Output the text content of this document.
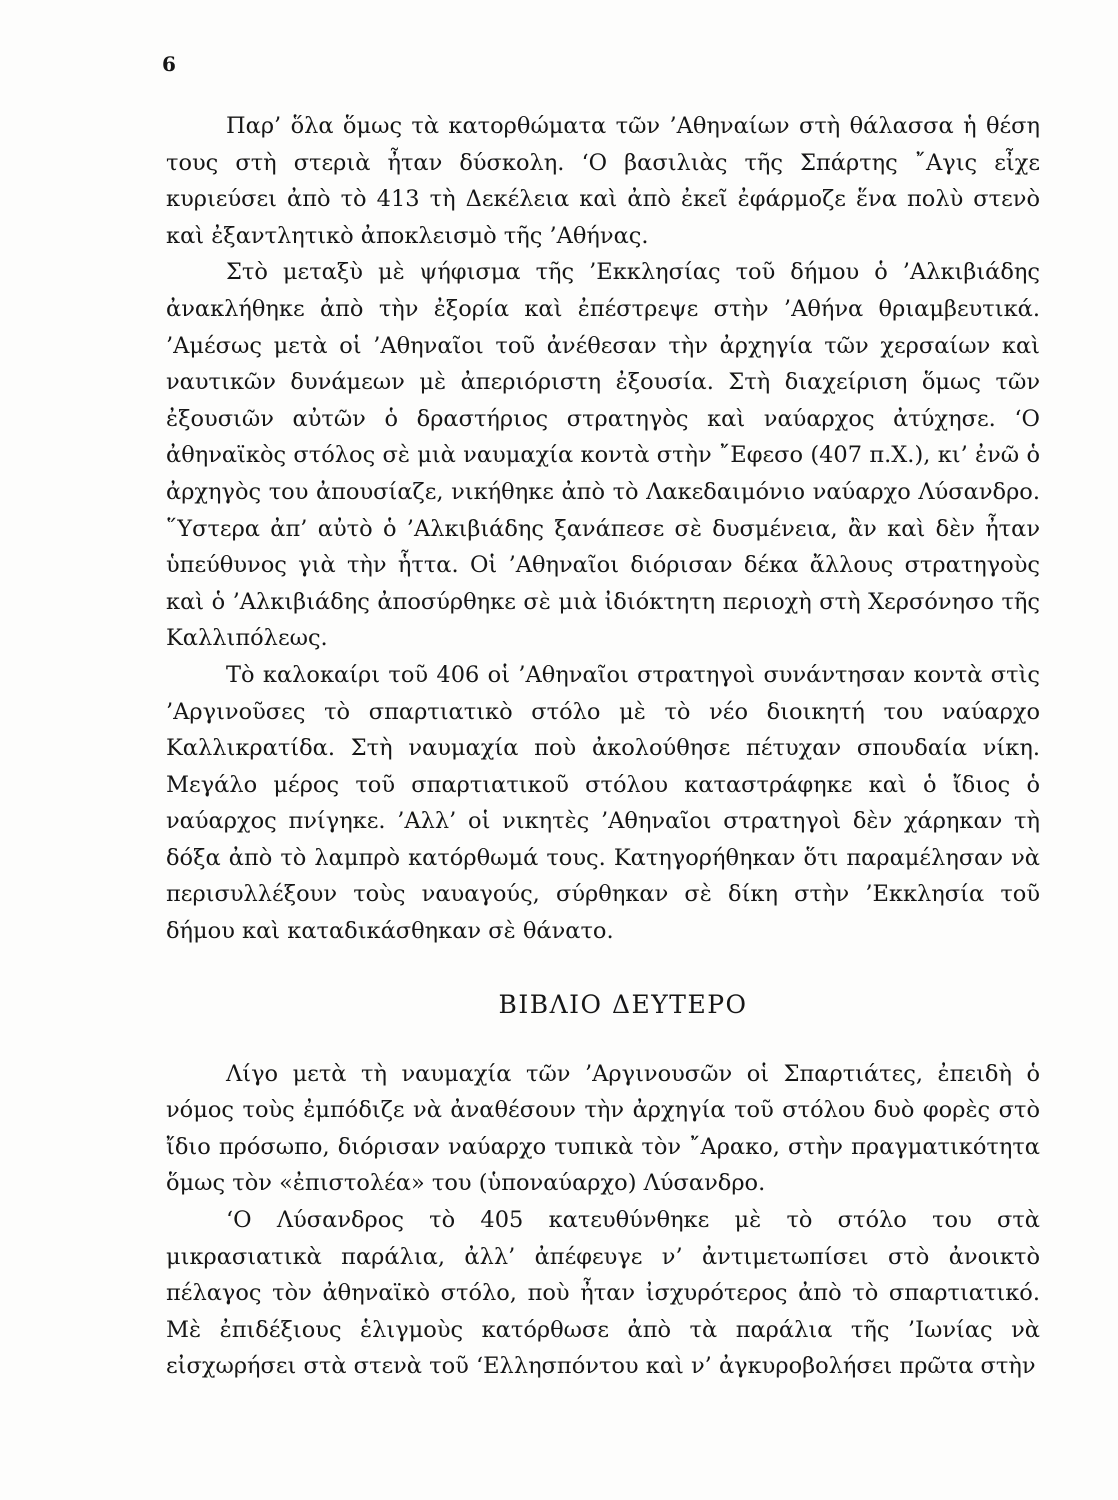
6

Παρ’ ὅλα ὅμως τὰ κατορθώματα τῶν ’Αθηναίων στὴ θάλασσα ἡ θέση τους στὴ στεριὰ ἦταν δύσκολη. ‘Ο βασιλιὰς τῆς Σπάρτης ῎Αγις εἶχε κυριεύσει ἀπὸ τὸ 413 τὴ Δεκέλεια καὶ ἀπὸ ἐκεῖ ἐφάρμοζε ἕνα πολὺ στενὸ καὶ ἐξαντλητικὸ ἀποκλεισμὸ τῆς ’Αθήνας.

Στὸ μεταξὺ μὲ ψήφισμα τῆς ’Εκκλησίας τοῦ δήμου ὁ ’Αλκιβιάδης ἀνακλήθηκε ἀπὸ τὴν ἐξορία καὶ ἐπέστρεψε στὴν ’Αθήνα θριαμβευτικά. ’Αμέσως μετὰ οἱ ’Αθηναῖοι τοῦ ἀνέθεσαν τὴν ἀρχηγία τῶν χερσαίων καὶ ναυτικῶν δυνάμεων μὲ ἀπεριόριστη ἐξουσία. Στὴ διαχείριση ὅμως τῶν ἐξουσιῶν αὐτῶν ὁ δραστήριος στρατηγὸς καὶ ναύαρχος ἀτύχησε. ‘Ο ἀθηναϊκὸς στόλος σὲ μιὰ ναυμαχία κοντὰ στὴν ῎Εφεσο (407 π.Χ.), κι’ ἐνῶ ὁ ἀρχηγὸς του ἀπουσίαζε, νικήθηκε ἀπὸ τὸ Λακεδαιμόνιο ναύαρχο Λύσανδρο. ῞Υστερα ἀπ’ αὐτὸ ὁ ’Αλκιβιάδης ξανάπεσε σὲ δυσμένεια, ἂν καὶ δὲν ἦταν ὑπεύθυνος γιὰ τὴν ἧττα. Οἱ ’Αθηναῖοι διόρισαν δέκα ἄλλους στρατηγοὺς καὶ ὁ ’Αλκιβιάδης ἀποσύρθηκε σὲ μιὰ ἰδιόκτητη περιοχὴ στὴ Χερσόνησο τῆς Καλλιπόλεως.

Τὸ καλοκαίρι τοῦ 406 οἱ ’Αθηναῖοι στρατηγοὶ συνάντησαν κοντὰ στὶς ’Αργινοῦσες τὸ σπαρτιατικὸ στόλο μὲ τὸ νέο διοικητή του ναύαρχο Καλλικρατίδα. Στὴ ναυμαχία ποὺ ἀκολούθησε πέτυχαν σπουδαία νίκη. Μεγάλο μέρος τοῦ σπαρτιατικοῦ στόλου καταστράφηκε καὶ ὁ ἴδιος ὁ ναύαρχος πνίγηκε. ’Αλλ’ οἱ νικητὲς ’Αθηναῖοι στρατηγοὶ δὲν χάρηκαν τὴ δόξα ἀπὸ τὸ λαμπρὸ κατόρθωμά τους. Κατηγορήθηκαν ὅτι παραμέλησαν νὰ περισυλλέξουν τοὺς ναυαγούς, σύρθηκαν σὲ δίκη στὴν ’Εκκλησία τοῦ δήμου καὶ καταδικάσθηκαν σὲ θάνατο.

ΒΙΒΛΙΟ ΔΕΥΤΕΡΟ

Λίγο μετὰ τὴ ναυμαχία τῶν ’Αργινουσῶν οἱ Σπαρτιάτες, ἐπειδὴ ὁ νόμος τοὺς ἐμπόδιζε νὰ ἀναθέσουν τὴν ἀρχηγία τοῦ στόλου δυὸ φορὲς στὸ ἴδιο πρόσωπο, διόρισαν ναύαρχο τυπικὰ τὸν ῎Αρακο, στὴν πραγματικότητα ὅμως τὸν «ἐπιστολέα» του (ὑποναύαρχο) Λύσανδρο.

‘Ο Λύσανδρος τὸ 405 κατευθύνθηκε μὲ τὸ στόλο του στὰ μικρασιατικὰ παράλια, ἀλλ’ ἀπέφευγε ν’ ἀντιμετωπίσει στὸ ἀνοικτὸ πέλαγος τὸν ἀθηναϊκὸ στόλο, ποὺ ἦταν ἰσχυρότερος ἀπὸ τὸ σπαρτιατικό. Μὲ ἐπιδέξιους ἑλιγμοὺς κατόρθωσε ἀπὸ τὰ παράλια τῆς ’Ιωνίας νὰ εἰσχωρήσει στὰ στενὰ τοῦ ‘Ελλησπόντου καὶ ν’ ἀγκυροβολήσει πρῶτα στὴν
